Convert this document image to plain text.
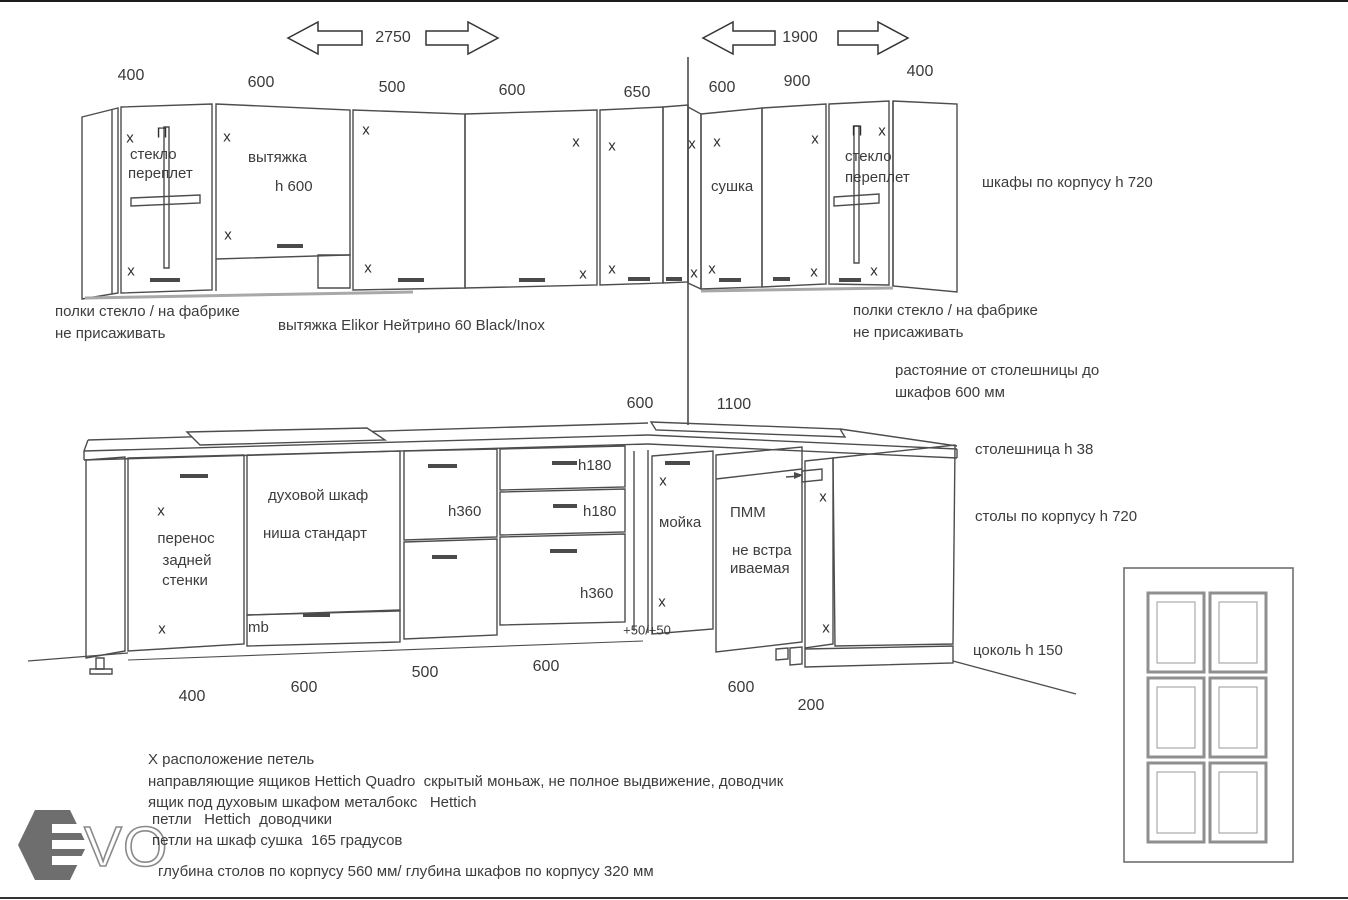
VO
2750	1900
400	600	500	600	650	600	900
400
600	1100
400
600
500	600
600
200
+50/+50
стекло
переплет
вытяжка
h 600	сушка
стекло
переплет
перенос
задней
стенки
духовой шкаф
ниша стандарт
mb
h360
h180
h180
h360
мойка
ПММ
не встра
иваемая
полки стекло / на фабрике
не присаживать	вытяжка Elikor Нейтрино 60 Black/Inox
шкафы по корпусу h 720
полки стекло / на фабрике
не присаживать
растояние от столешницы до
шкафов 600 мм
столешница h 38
столы по корпусу h 720
цоколь h 150
Х расположение петель
направляющие ящиков Hettich Quadro  скрытый моньаж, не полное выдвижение, доводчик
ящик под духовым шкафом металбокс   Hettich
петли   Hettich  доводчики
петли на шкаф сушка  165 градусов
глубина столов по корпусу 560 мм/ глубина шкафов по корпусу 320 мм
x
x
x
x
x
x
x
x
x
x
x
x
x
x
x
x
x
x
x
x
x
x
x
x
П	П
